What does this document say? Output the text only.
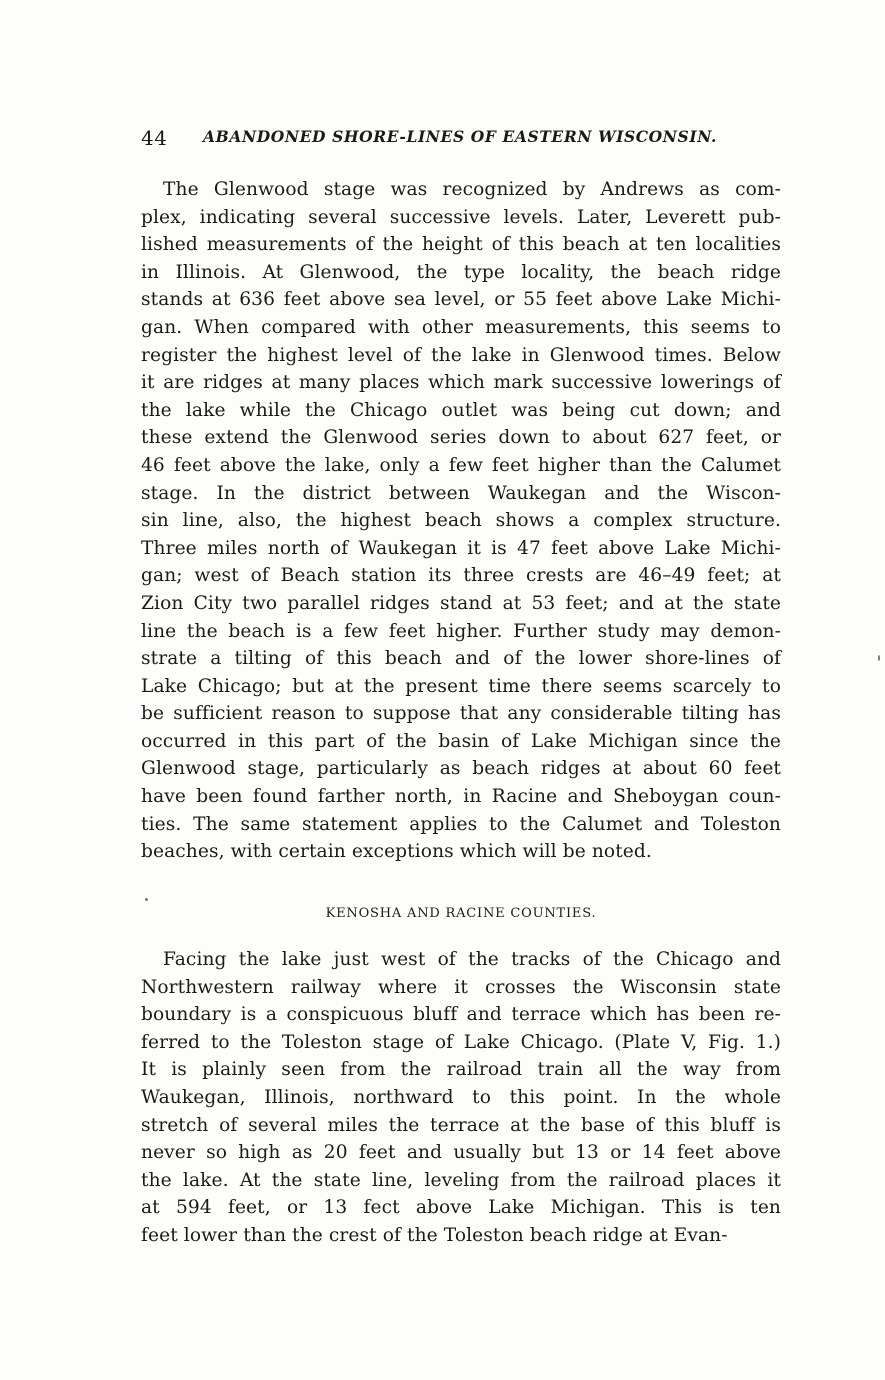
44 ABANDONED SHORE-LINES OF EASTERN WISCONSIN.
The Glenwood stage was recognized by Andrews as com-
plex, indicating several successive levels. Later, Leverett pub-
lished measurements of the height of this beach at ten localities
in Illinois. At Glenwood, the type locality, the beach ridge
stands at 636 feet above sea level, or 55 feet above Lake Michi-
gan. When compared with other measurements, this seems to
register the highest level of the lake in Glenwood times. Below
it are ridges at many places which mark successive lowerings of
the lake while the Chicago outlet was being cut down; and
these extend the Glenwood series down to about 627 feet, or
46 feet above the lake, only a few feet higher than the Calumet
stage. In the district between Waukegan and the Wiscon-
sin line, also, the highest beach shows a complex structure.
Three miles north of Waukegan it is 47 feet above Lake Michi-
gan; west of Beach station its three crests are 46–49 feet; at
Zion City two parallel ridges stand at 53 feet; and at the state
line the beach is a few feet higher. Further study may demon-
strate a tilting of this beach and of the lower shore-lines of
Lake Chicago; but at the present time there seems scarcely to
be sufficient reason to suppose that any considerable tilting has
occurred in this part of the basin of Lake Michigan since the
Glenwood stage, particularly as beach ridges at about 60 feet
have been found farther north, in Racine and Sheboygan coun-
ties. The same statement applies to the Calumet and Toleston
beaches, with certain exceptions which will be noted.
KENOSHA AND RACINE COUNTIES.
Facing the lake just west of the tracks of the Chicago and
Northwestern railway where it crosses the Wisconsin state
boundary is a conspicuous bluff and terrace which has been re-
ferred to the Toleston stage of Lake Chicago. (Plate V, Fig. 1.)
It is plainly seen from the railroad train all the way from
Waukegan, Illinois, northward to this point. In the whole
stretch of several miles the terrace at the base of this bluff is
never so high as 20 feet and usually but 13 or 14 feet above
the lake. At the state line, leveling from the railroad places it
at 594 feet, or 13 fect above Lake Michigan. This is ten
feet lower than the crest of the Toleston beach ridge at Evan-
